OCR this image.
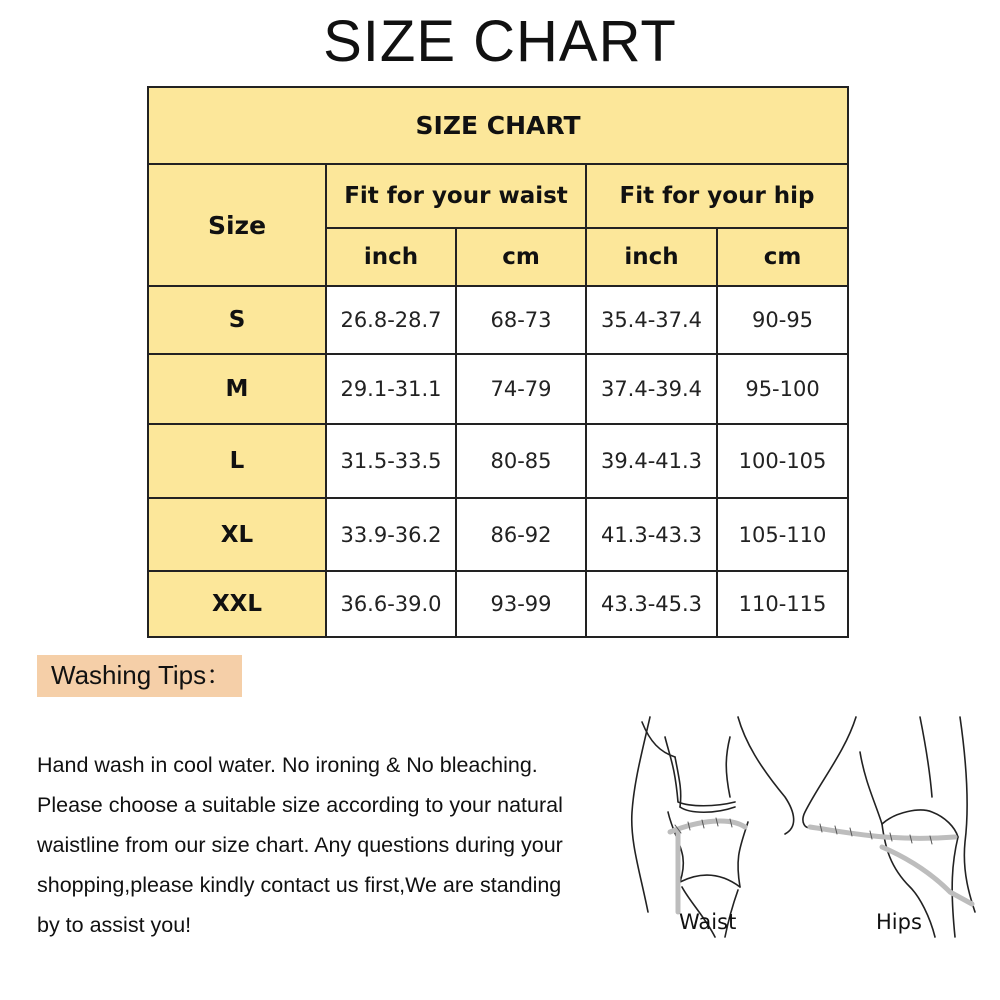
SIZE CHART
SIZE CHART				
Size	Fit for your waist		Fit for your hip	
	inch	cm	inch	cm
S	26.8-28.7	68-73	35.4-37.4	90-95
M	29.1-31.1	74-79	37.4-39.4	95-100
L	31.5-33.5	80-85	39.4-41.3	100-105
XL	33.9-36.2	86-92	41.3-43.3	105-110
XXL	36.6-39.0	93-99	43.3-45.3	110-115
Washing Tips：

Hand wash in cool water. No ironing & No bleaching.

Please choose a suitable size according to your natural

waistline from our size chart. Any questions during your

shopping,please kindly contact us first,We are standing

by to assist you!	Waist	Hips
